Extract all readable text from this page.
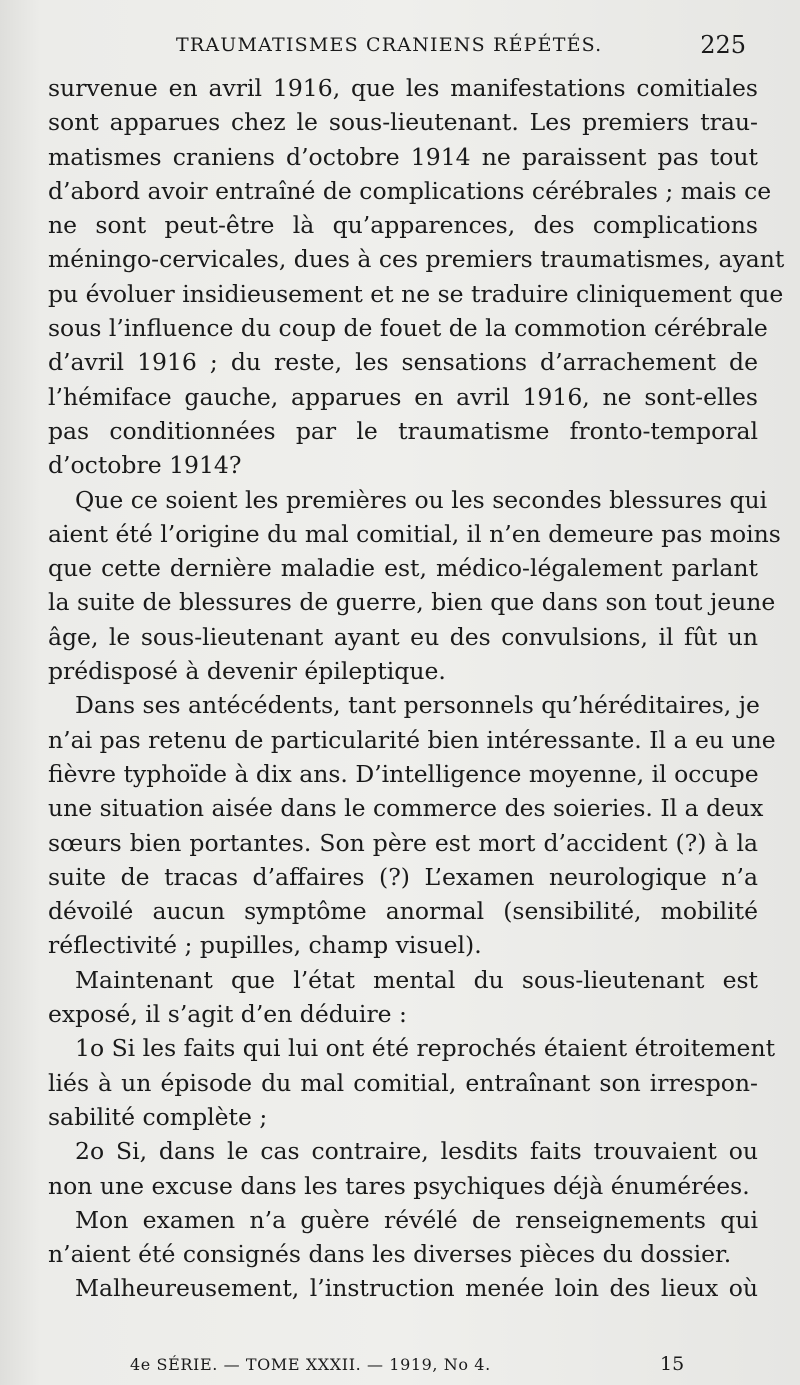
TRAUMATISMES CRANIENS RÉPÉTÉS.	225
survenue en avril 1916, que les manifestations comitiales
sont apparues chez le sous-lieutenant. Les premiers trau-
matismes craniens d’octobre 1914 ne paraissent pas tout
d’abord avoir entraîné de complications cérébrales ; mais ce
ne sont peut-être là qu’apparences, des complications
méningo-cervicales, dues à ces premiers traumatismes, ayant
pu évoluer insidieusement et ne se traduire cliniquement que
sous l’influence du coup de fouet de la commotion cérébrale
d’avril 1916 ; du reste, les sensations d’arrachement de
l’hémiface gauche, apparues en avril 1916, ne sont-elles
pas conditionnées par le traumatisme fronto-temporal
d’octobre 1914?
Que ce soient les premières ou les secondes blessures qui
aient été l’origine du mal comitial, il n’en demeure pas moins
que cette dernière maladie est, médico-légalement parlant
la suite de blessures de guerre, bien que dans son tout jeune
âge, le sous-lieutenant ayant eu des convulsions, il fût un
prédisposé à devenir épileptique.
Dans ses antécédents, tant personnels qu’héréditaires, je
n’ai pas retenu de particularité bien intéressante. Il a eu une
fièvre typhoïde à dix ans. D’intelligence moyenne, il occupe
une situation aisée dans le commerce des soieries. Il a deux
sœurs bien portantes. Son père est mort d’accident (?) à la
suite de tracas d’affaires (?) L’examen neurologique n’a
dévoilé aucun symptôme anormal (sensibilité, mobilité
réflectivité ; pupilles, champ visuel).
Maintenant que l’état mental du sous-lieutenant est
exposé, il s’agit d’en déduire :
1o Si les faits qui lui ont été reprochés étaient étroitement
liés à un épisode du mal comitial, entraînant son irrespon-
sabilité complète ;
2o Si, dans le cas contraire, lesdits faits trouvaient ou
non une excuse dans les tares psychiques déjà énumérées.
Mon examen n’a guère révélé de renseignements qui
n’aient été consignés dans les diverses pièces du dossier.
Malheureusement, l’instruction menée loin des lieux où
4e SÉRIE. — TOME XXXII. — 1919, No 4.	15
